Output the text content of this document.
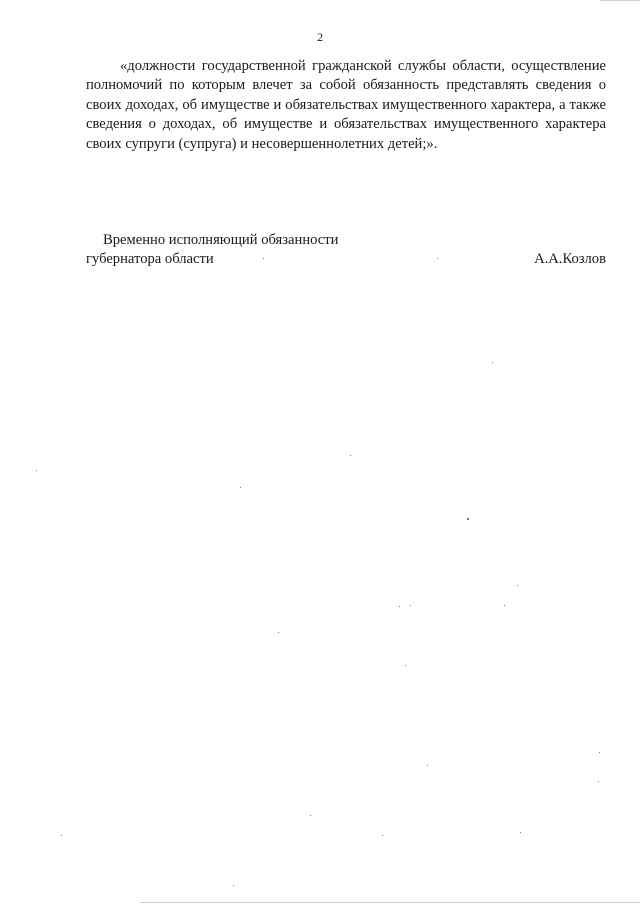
2

«должности государственной гражданской службы области, осуществление полномочий по которым влечет за собой обязанность представлять сведения о своих доходах, об имуществе и обязательствах имущественного характера, а также сведения о доходах, об имуществе и обязательствах имущественного характера своих супруги (супруга) и несовершеннолетних детей;».

Временно исполняющий обязанности
губернатора области	А.А.Козлов
